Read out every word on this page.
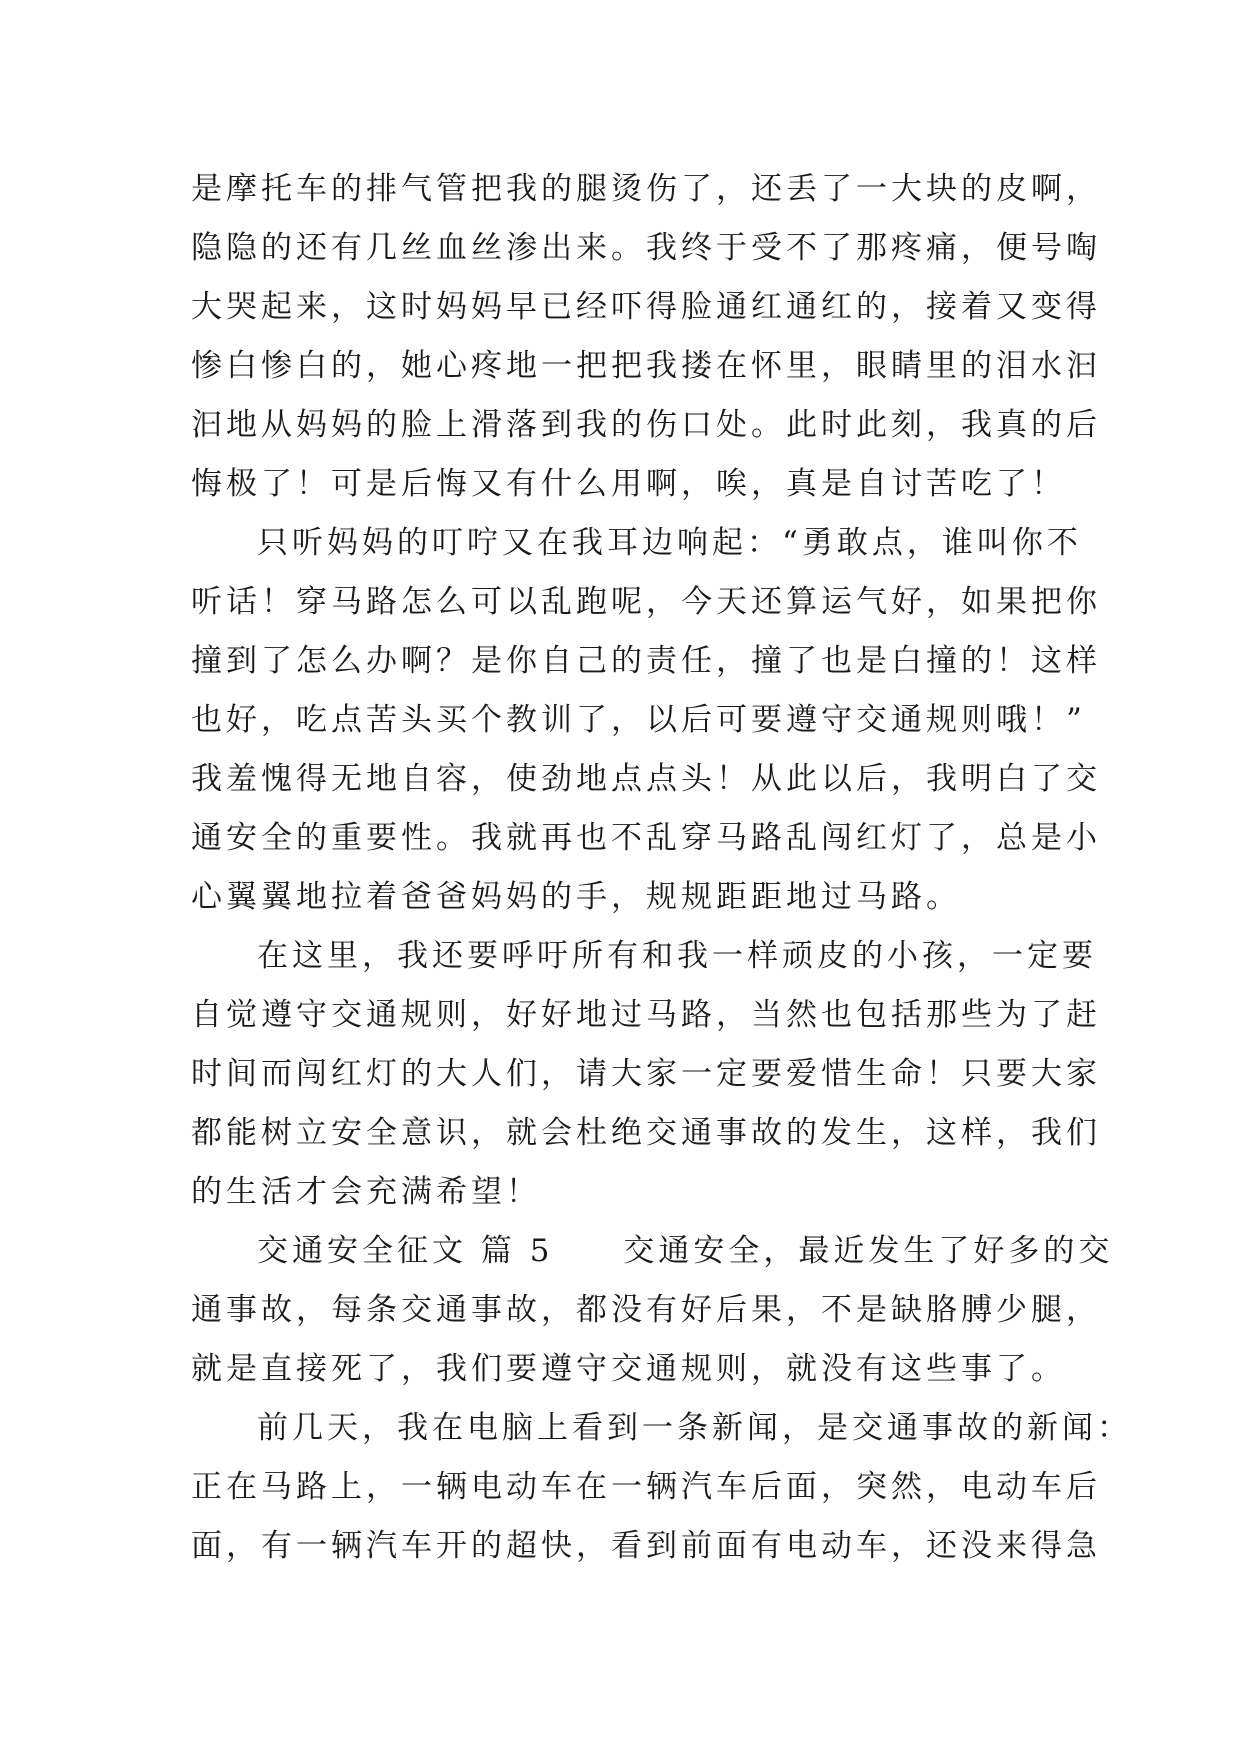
是摩托车的排气管把我的腿烫伤了，还丢了一大块的皮啊，
隐隐的还有几丝血丝渗出来。我终于受不了那疼痛，便号啕
大哭起来，这时妈妈早已经吓得脸通红通红的，接着又变得
惨白惨白的，她心疼地一把把我搂在怀里，眼睛里的泪水汩
汩地从妈妈的脸上滑落到我的伤口处。此时此刻，我真的后
悔极了！可是后悔又有什么用啊，唉，真是自讨苦吃了！
只听妈妈的叮咛又在我耳边响起：“勇敢点，谁叫你不
听话！穿马路怎么可以乱跑呢，今天还算运气好，如果把你
撞到了怎么办啊？是你自己的责任，撞了也是白撞的！这样
也好，吃点苦头买个教训了，以后可要遵守交通规则哦！”
我羞愧得无地自容，使劲地点点头！从此以后，我明白了交
通安全的重要性。我就再也不乱穿马路乱闯红灯了，总是小
心翼翼地拉着爸爸妈妈的手，规规距距地过马路。
在这里，我还要呼吁所有和我一样顽皮的小孩，一定要
自觉遵守交通规则，好好地过马路，当然也包括那些为了赶
时间而闯红灯的大人们，请大家一定要爱惜生命！只要大家
都能树立安全意识，就会杜绝交通事故的发生，这样，我们
的生活才会充满希望！
交通安全征文 篇 5　　交通安全，最近发生了好多的交
通事故，每条交通事故，都没有好后果，不是缺胳膊少腿，
就是直接死了，我们要遵守交通规则，就没有这些事了。
前几天，我在电脑上看到一条新闻，是交通事故的新闻：
正在马路上，一辆电动车在一辆汽车后面，突然，电动车后
面，有一辆汽车开的超快，看到前面有电动车，还没来得急
